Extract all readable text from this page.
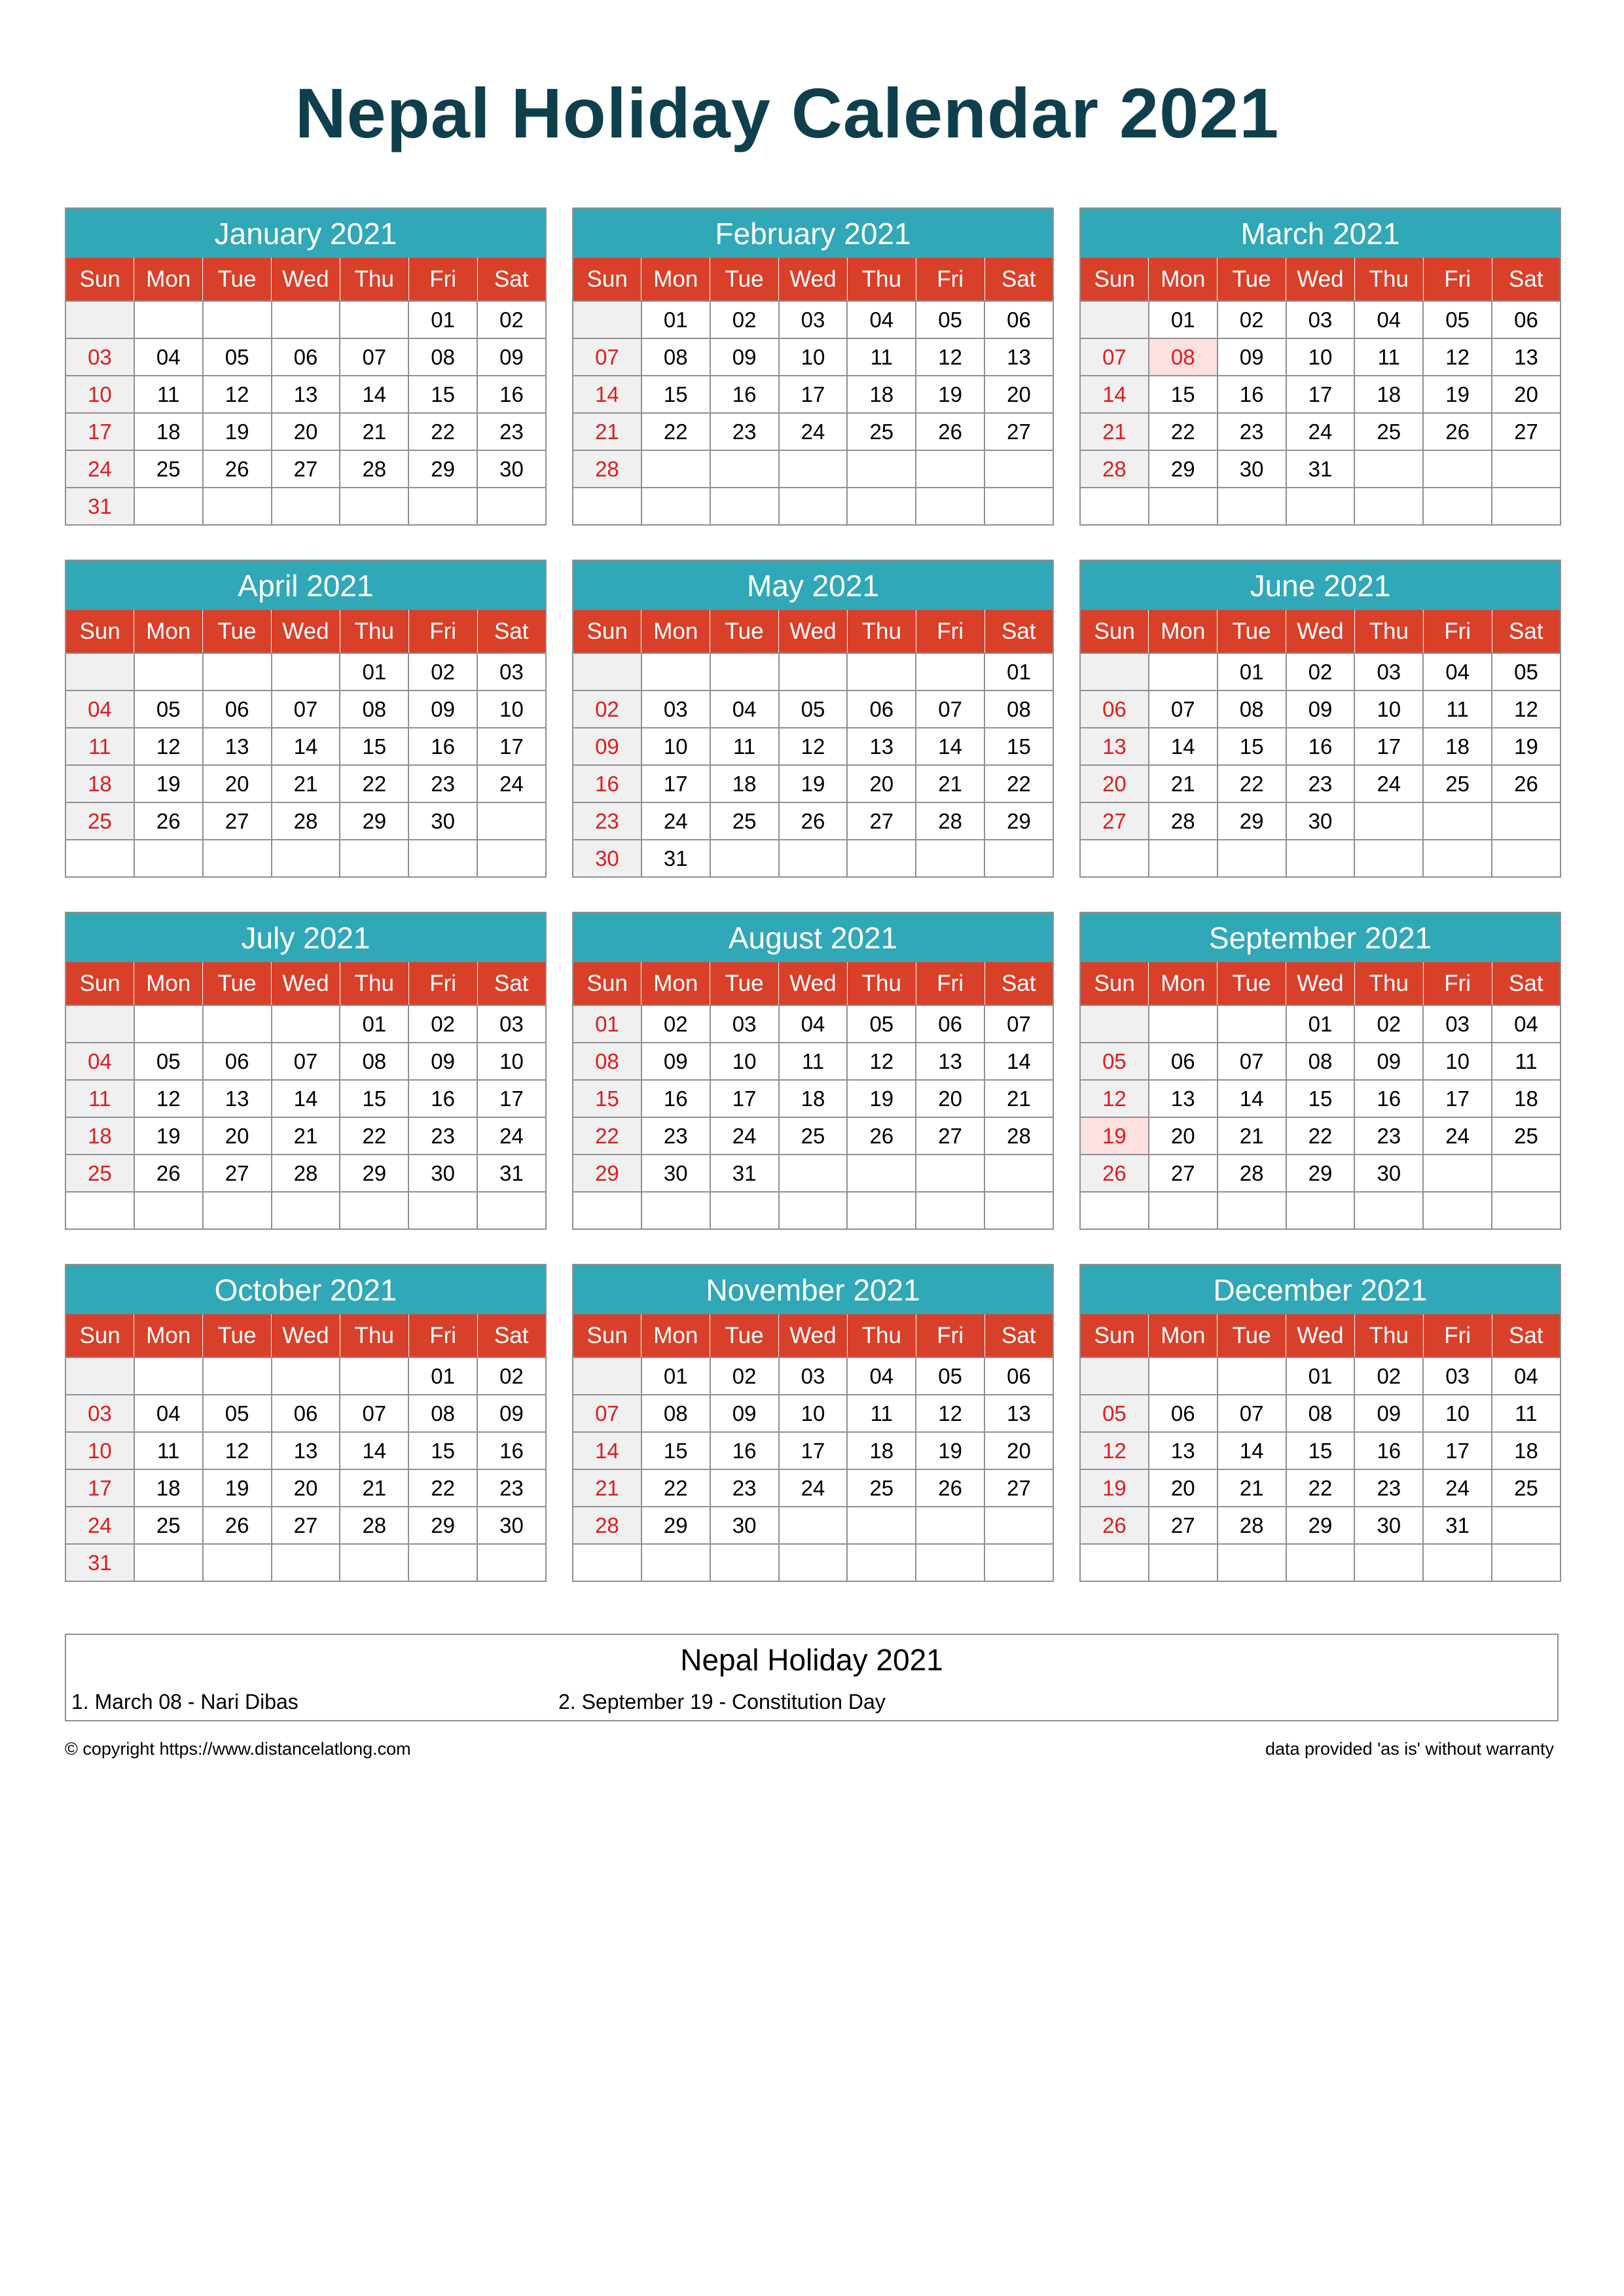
Nepal Holiday Calendar 2021
January 2021
Sun	Mon	Tue	Wed	Thu	Fri	Sat
					01	02
03	04	05	06	07	08	09
10	11	12	13	14	15	16
17	18	19	20	21	22	23
24	25	26	27	28	29	30
31						
February 2021
Sun	Mon	Tue	Wed	Thu	Fri	Sat
	01	02	03	04	05	06
07	08	09	10	11	12	13
14	15	16	17	18	19	20
21	22	23	24	25	26	27
28						

March 2021
Sun	Mon	Tue	Wed	Thu	Fri	Sat
	01	02	03	04	05	06
07	08	09	10	11	12	13
14	15	16	17	18	19	20
21	22	23	24	25	26	27
28	29	30	31			

April 2021
Sun	Mon	Tue	Wed	Thu	Fri	Sat
				01	02	03
04	05	06	07	08	09	10
11	12	13	14	15	16	17
18	19	20	21	22	23	24
25	26	27	28	29	30	

May 2021
Sun	Mon	Tue	Wed	Thu	Fri	Sat
						01
02	03	04	05	06	07	08
09	10	11	12	13	14	15
16	17	18	19	20	21	22
23	24	25	26	27	28	29
30	31					
June 2021
Sun	Mon	Tue	Wed	Thu	Fri	Sat
		01	02	03	04	05
06	07	08	09	10	11	12
13	14	15	16	17	18	19
20	21	22	23	24	25	26
27	28	29	30			

July 2021
Sun	Mon	Tue	Wed	Thu	Fri	Sat
				01	02	03
04	05	06	07	08	09	10
11	12	13	14	15	16	17
18	19	20	21	22	23	24
25	26	27	28	29	30	31

August 2021
Sun	Mon	Tue	Wed	Thu	Fri	Sat
01	02	03	04	05	06	07
08	09	10	11	12	13	14
15	16	17	18	19	20	21
22	23	24	25	26	27	28
29	30	31				

September 2021
Sun	Mon	Tue	Wed	Thu	Fri	Sat
			01	02	03	04
05	06	07	08	09	10	11
12	13	14	15	16	17	18
19	20	21	22	23	24	25
26	27	28	29	30		

October 2021
Sun	Mon	Tue	Wed	Thu	Fri	Sat
					01	02
03	04	05	06	07	08	09
10	11	12	13	14	15	16
17	18	19	20	21	22	23
24	25	26	27	28	29	30
31						
November 2021
Sun	Mon	Tue	Wed	Thu	Fri	Sat
	01	02	03	04	05	06
07	08	09	10	11	12	13
14	15	16	17	18	19	20
21	22	23	24	25	26	27
28	29	30				

December 2021
Sun	Mon	Tue	Wed	Thu	Fri	Sat
			01	02	03	04
05	06	07	08	09	10	11
12	13	14	15	16	17	18
19	20	21	22	23	24	25
26	27	28	29	30	31	

Nepal Holiday 2021
1. March 08 - Nari Dibas	2. September 19 - Constitution Day
© copyright https://www.distancelatlong.com	data provided 'as is' without warranty
